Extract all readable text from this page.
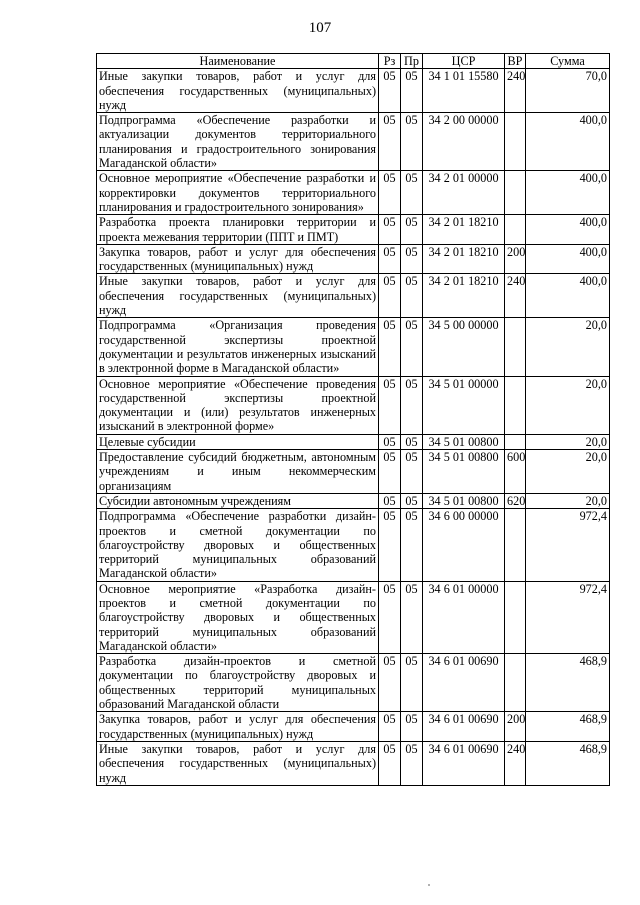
107
Наименование	Рз	Пр	ЦСР	ВР	Сумма
Иные закупки товаров, работ и услуг для обеспечения государственных (муниципальных) нужд	05	05	34 1 01 15580	240	70,0
Подпрограмма «Обеспечение разработки и актуализации документов территориального планирования и градостроительного зонирования Магаданской области»	05	05	34 2 00 00000		400,0
Основное мероприятие «Обеспечение разработки и корректировки документов территориального планирования и градостроительного зонирования»	05	05	34 2 01 00000		400,0
Разработка проекта планировки территории и проекта межевания территории (ППТ и ПМТ)	05	05	34 2 01 18210		400,0
Закупка товаров, работ и услуг для обеспечения государственных (муниципальных) нужд	05	05	34 2 01 18210	200	400,0
Иные закупки товаров, работ и услуг для обеспечения государственных (муниципальных) нужд	05	05	34 2 01 18210	240	400,0
Подпрограмма «Организация проведения государственной экспертизы проектной документации и результатов инженерных изысканий в электронной форме в Магаданской области»	05	05	34 5 00 00000		20,0
Основное мероприятие «Обеспечение проведения государственной экспертизы проектной документации и (или) результатов инженерных изысканий в электронной форме»	05	05	34 5 01 00000		20,0
Целевые субсидии	05	05	34 5 01 00800		20,0
Предоставление субсидий бюджетным, автономным учреждениям и иным некоммерческим организациям	05	05	34 5 01 00800	600	20,0
Субсидии автономным учреждениям	05	05	34 5 01 00800	620	20,0
Подпрограмма «Обеспечение разработки дизайн-проектов и сметной документации по благоустройству дворовых и общественных территорий муниципальных образований Магаданской области»	05	05	34 6 00 00000		972,4
Основное мероприятие «Разработка дизайн-проектов и сметной документации по благоустройству дворовых и общественных территорий муниципальных образований Магаданской области»	05	05	34 6 01 00000		972,4
Разработка дизайн-проектов и сметной документации по благоустройству дворовых и общественных территорий муниципальных образований Магаданской области	05	05	34 6 01 00690		468,9
Закупка товаров, работ и услуг для обеспечения государственных (муниципальных) нужд	05	05	34 6 01 00690	200	468,9
Иные закупки товаров, работ и услуг для обеспечения государственных (муниципальных) нужд	05	05	34 6 01 00690	240	468,9
